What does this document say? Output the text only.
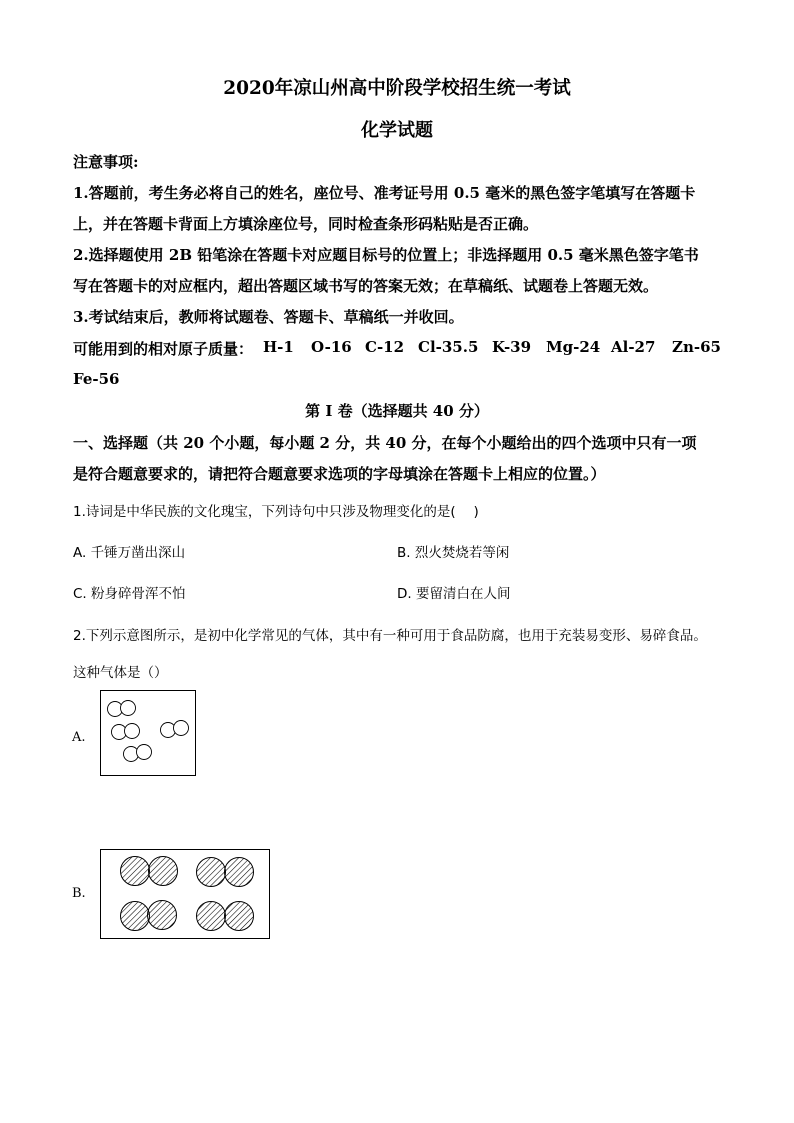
2020年凉山州高中阶段学校招生统一考试
化学试题
注意事项:
1.答题前，考生务必将自己的姓名，座位号、准考证号用 0.5 毫米的黑色签字笔填写在答题卡
上，并在答题卡背面上方填涂座位号，同时检查条形码粘贴是否正确。
2.选择题使用 2B 铅笔涂在答题卡对应题目标号的位置上；非选择题用 0.5 毫米黑色签字笔书
写在答题卡的对应框内，超出答题区域书写的答案无效；在草稿纸、试题卷上答题无效。
3.考试结束后，教师将试题卷、答题卡、草稿纸一并收回。
可能用到的相对原子质量： H-1 O-16 C-12 Cl-35.5 K-39 Mg-24 Al-27 Zn-65
Fe-56
第 I 卷（选择题共 40 分）
一、选择题（共 20 个小题，每小题 2 分，共 40 分，在每个小题给出的四个选项中只有一项
是符合题意要求的，请把符合题意要求选项的字母填涂在答题卡上相应的位置。）
1.诗词是中华民族的文化瑰宝，下列诗句中只涉及物理变化的是(　 )
A. 千锤万凿出深山	B. 烈火焚烧若等闲
C. 粉身碎骨浑不怕	D. 要留清白在人间
2.下列示意图所示，是初中化学常见的气体，其中有一种可用于食品防腐，也用于充装易变形、易碎食品。
这种气体是（）
A.
B.
